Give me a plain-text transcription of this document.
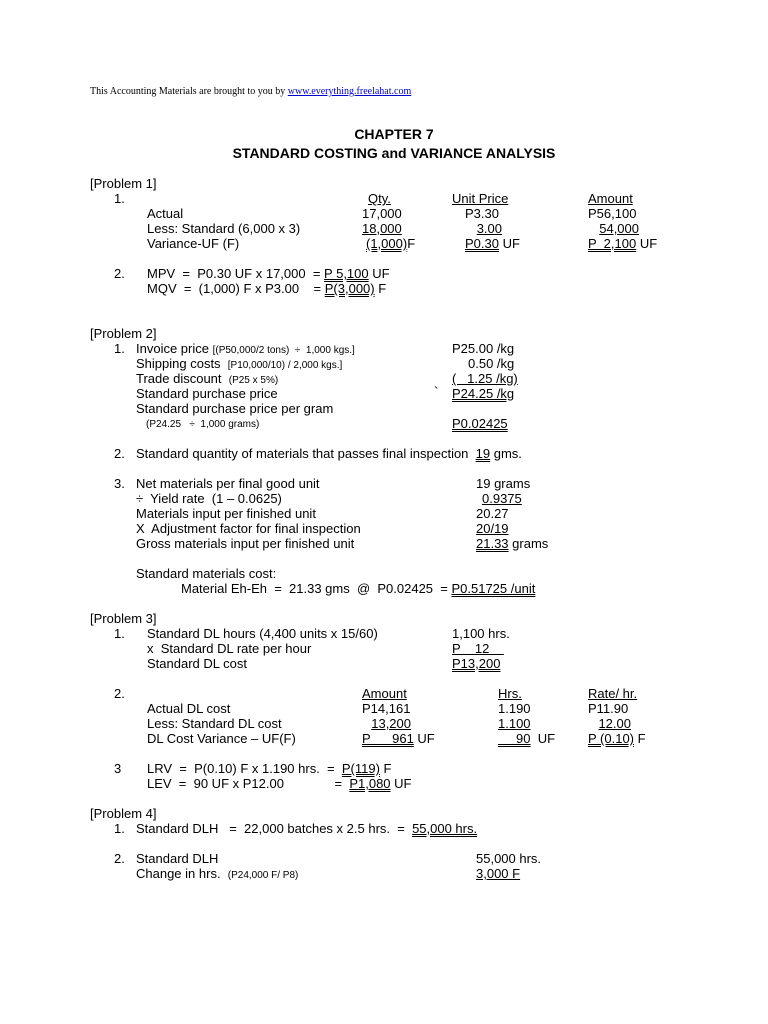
This Accounting Materials are brought to you by www.everything.freelahat.com
CHAPTER 7
STANDARD COSTING and VARIANCE ANALYSIS
[Problem 1]
1.	Qty.	Unit Price	Amount
Actual	17,000	P3.30	P56,100
Less: Standard (6,000 x 3)	18,000	3.00	54,000
Variance-UF (F)	(1,000)F	P0.30 UF	P  2,100 UF
2. MPV  =  P0.30 UF x 17,000  = P 5,100 UF
MQV  =  (1,000) F x P3.00    = P(3,000) F
[Problem 2]
1. Invoice price [(P50,000/2 tons)  ÷  1,000 kgs.]	P25.00 /kg
Shipping costs  [P10,000/10) / 2,000 kgs.]	0.50 /kg
Trade discount  (P25 x 5%)	(   1.25 /kg)
Standard purchase price	` P24.25 /kg
Standard purchase price per gram
(P24.25   ÷  1,000 grams)	P0.02425
2. Standard quantity of materials that passes final inspection  19 gms.
3. Net materials per final good unit	19 grams
÷  Yield rate  (1 – 0.0625)	0.9375
Materials input per finished unit	20.27
X  Adjustment factor for final inspection	20/19
Gross materials input per finished unit	21.33 grams
Standard materials cost:
Material Eh-Eh  =  21.33 gms  @  P0.02425  = P0.51725 /unit
[Problem 3]
1. Standard DL hours (4,400 units x 15/60)	1,100 hrs.
x  Standard DL rate per hour	P    12
Standard DL cost	P13,200
2.	Amount	Hrs.	Rate/ hr.
Actual DL cost	P14,161	1.190	P11.90
Less: Standard DL cost	13,200	1.100	12.00
DL Cost Variance – UF(F)	P      961 UF	90  UF	P (0.10) F
3 LRV  =  P(0.10) F x 1.190 hrs.  =  P(119) F
LEV  =  90 UF x P12.00              =  P1,080 UF
[Problem 4]
1. Standard DLH   =  22,000 batches x 2.5 hrs.  =  55,000 hrs.
2. Standard DLH	55,000 hrs.
Change in hrs.  (P24,000 F/ P8)	3,000 F
